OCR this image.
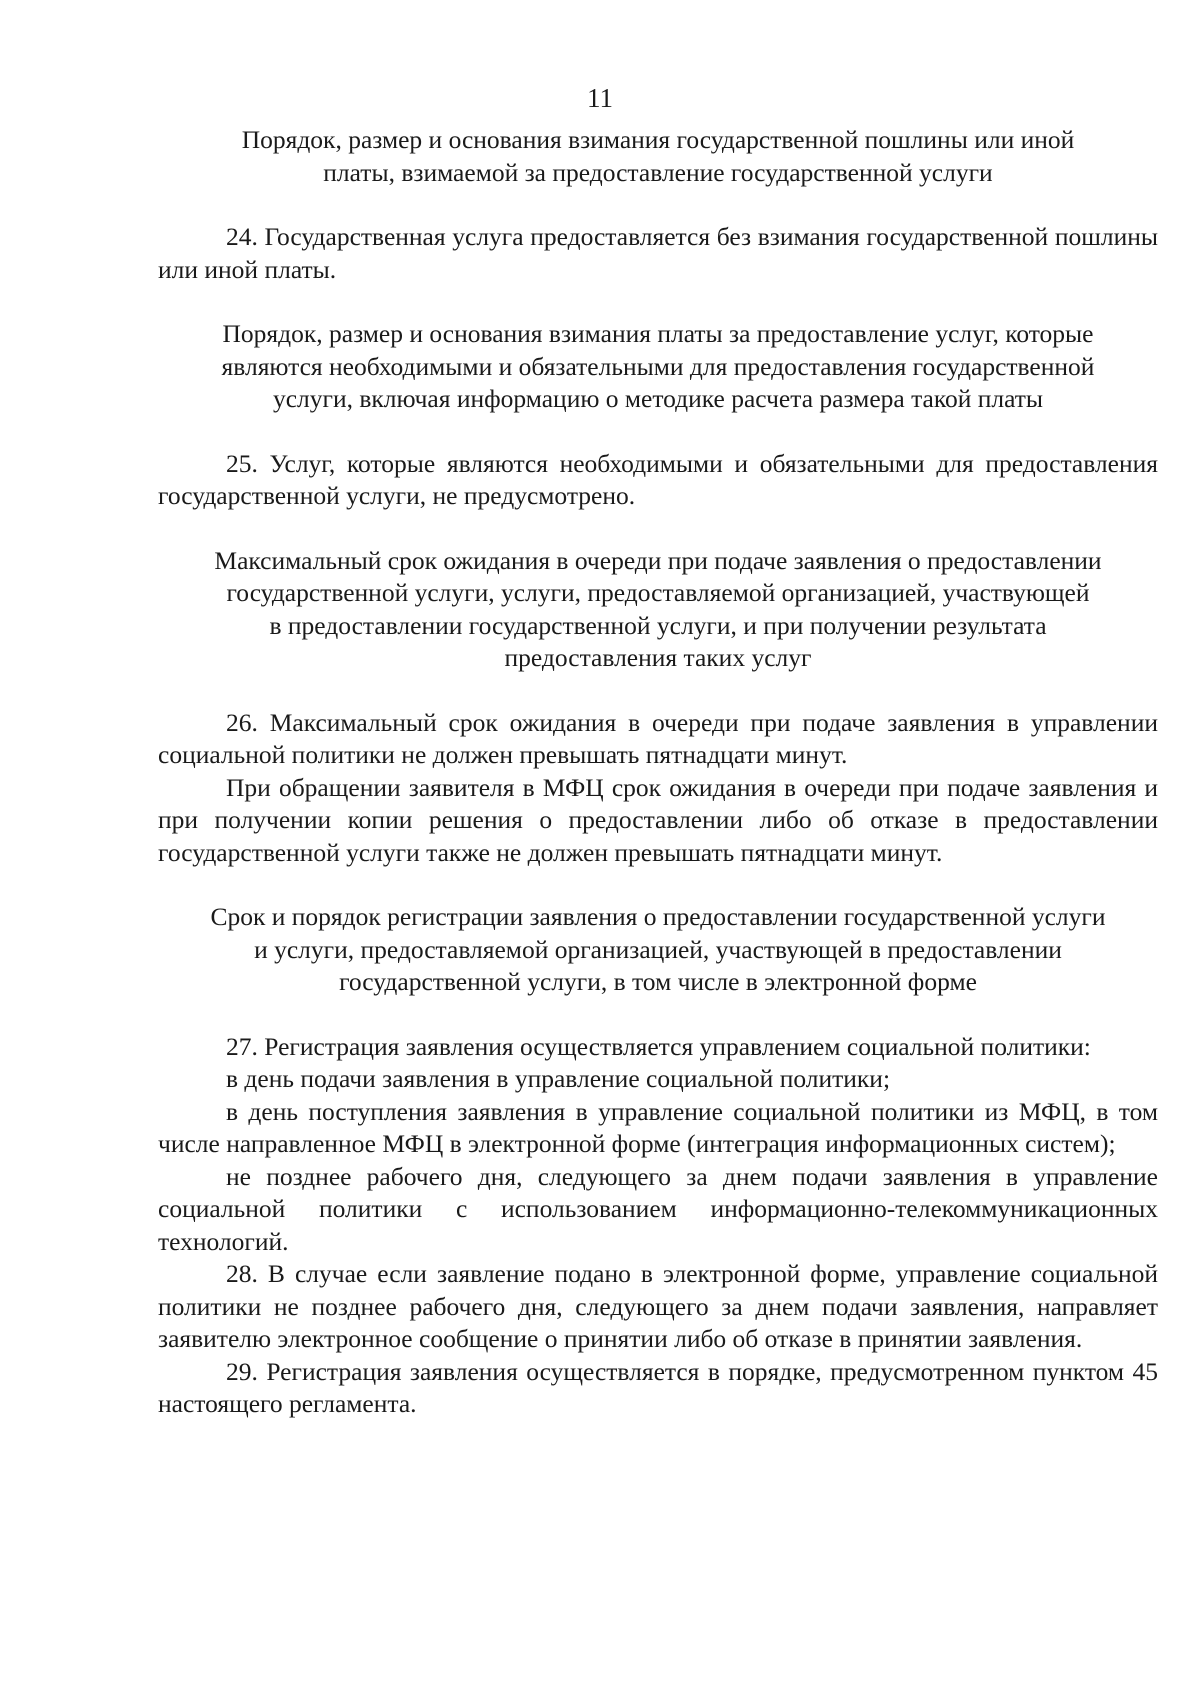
11

Порядок, размер и основания взимания государственной пошлины или иной
платы, взимаемой за предоставление государственной услуги

24. Государственная услуга предоставляется без взимания государственной пошлины или иной платы.

Порядок, размер и основания взимания платы за предоставление услуг, которые
являются необходимыми и обязательными для предоставления государственной
услуги, включая информацию о методике расчета размера такой платы

25. Услуг, которые являются необходимыми и обязательными для предоставления государственной услуги, не предусмотрено.

Максимальный срок ожидания в очереди при подаче заявления о предоставлении
государственной услуги, услуги, предоставляемой организацией, участвующей
в предоставлении государственной услуги, и при получении результата
предоставления таких услуг

26. Максимальный срок ожидания в очереди при подаче заявления в управлении социальной политики не должен превышать пятнадцати минут.

При обращении заявителя в МФЦ срок ожидания в очереди при подаче заявления и при получении копии решения о предоставлении либо об отказе в предоставлении государственной услуги также не должен превышать пятнадцати минут.

Срок и порядок регистрации заявления о предоставлении государственной услуги
и услуги, предоставляемой организацией, участвующей в предоставлении
государственной услуги, в том числе в электронной форме

27. Регистрация заявления осуществляется управлением социальной политики:

в день подачи заявления в управление социальной политики;

в день поступления заявления в управление социальной политики из МФЦ, в том числе направленное МФЦ в электронной форме (интеграция информационных систем);

не позднее рабочего дня, следующего за днем подачи заявления в управление социальной политики с использованием информационно-телекоммуникационных технологий.

28. В случае если заявление подано в электронной форме, управление социальной политики не позднее рабочего дня, следующего за днем подачи заявления, направляет заявителю электронное сообщение о принятии либо об отказе в принятии заявления.

29. Регистрация заявления осуществляется в порядке, предусмотренном пунктом 45 настоящего регламента.
